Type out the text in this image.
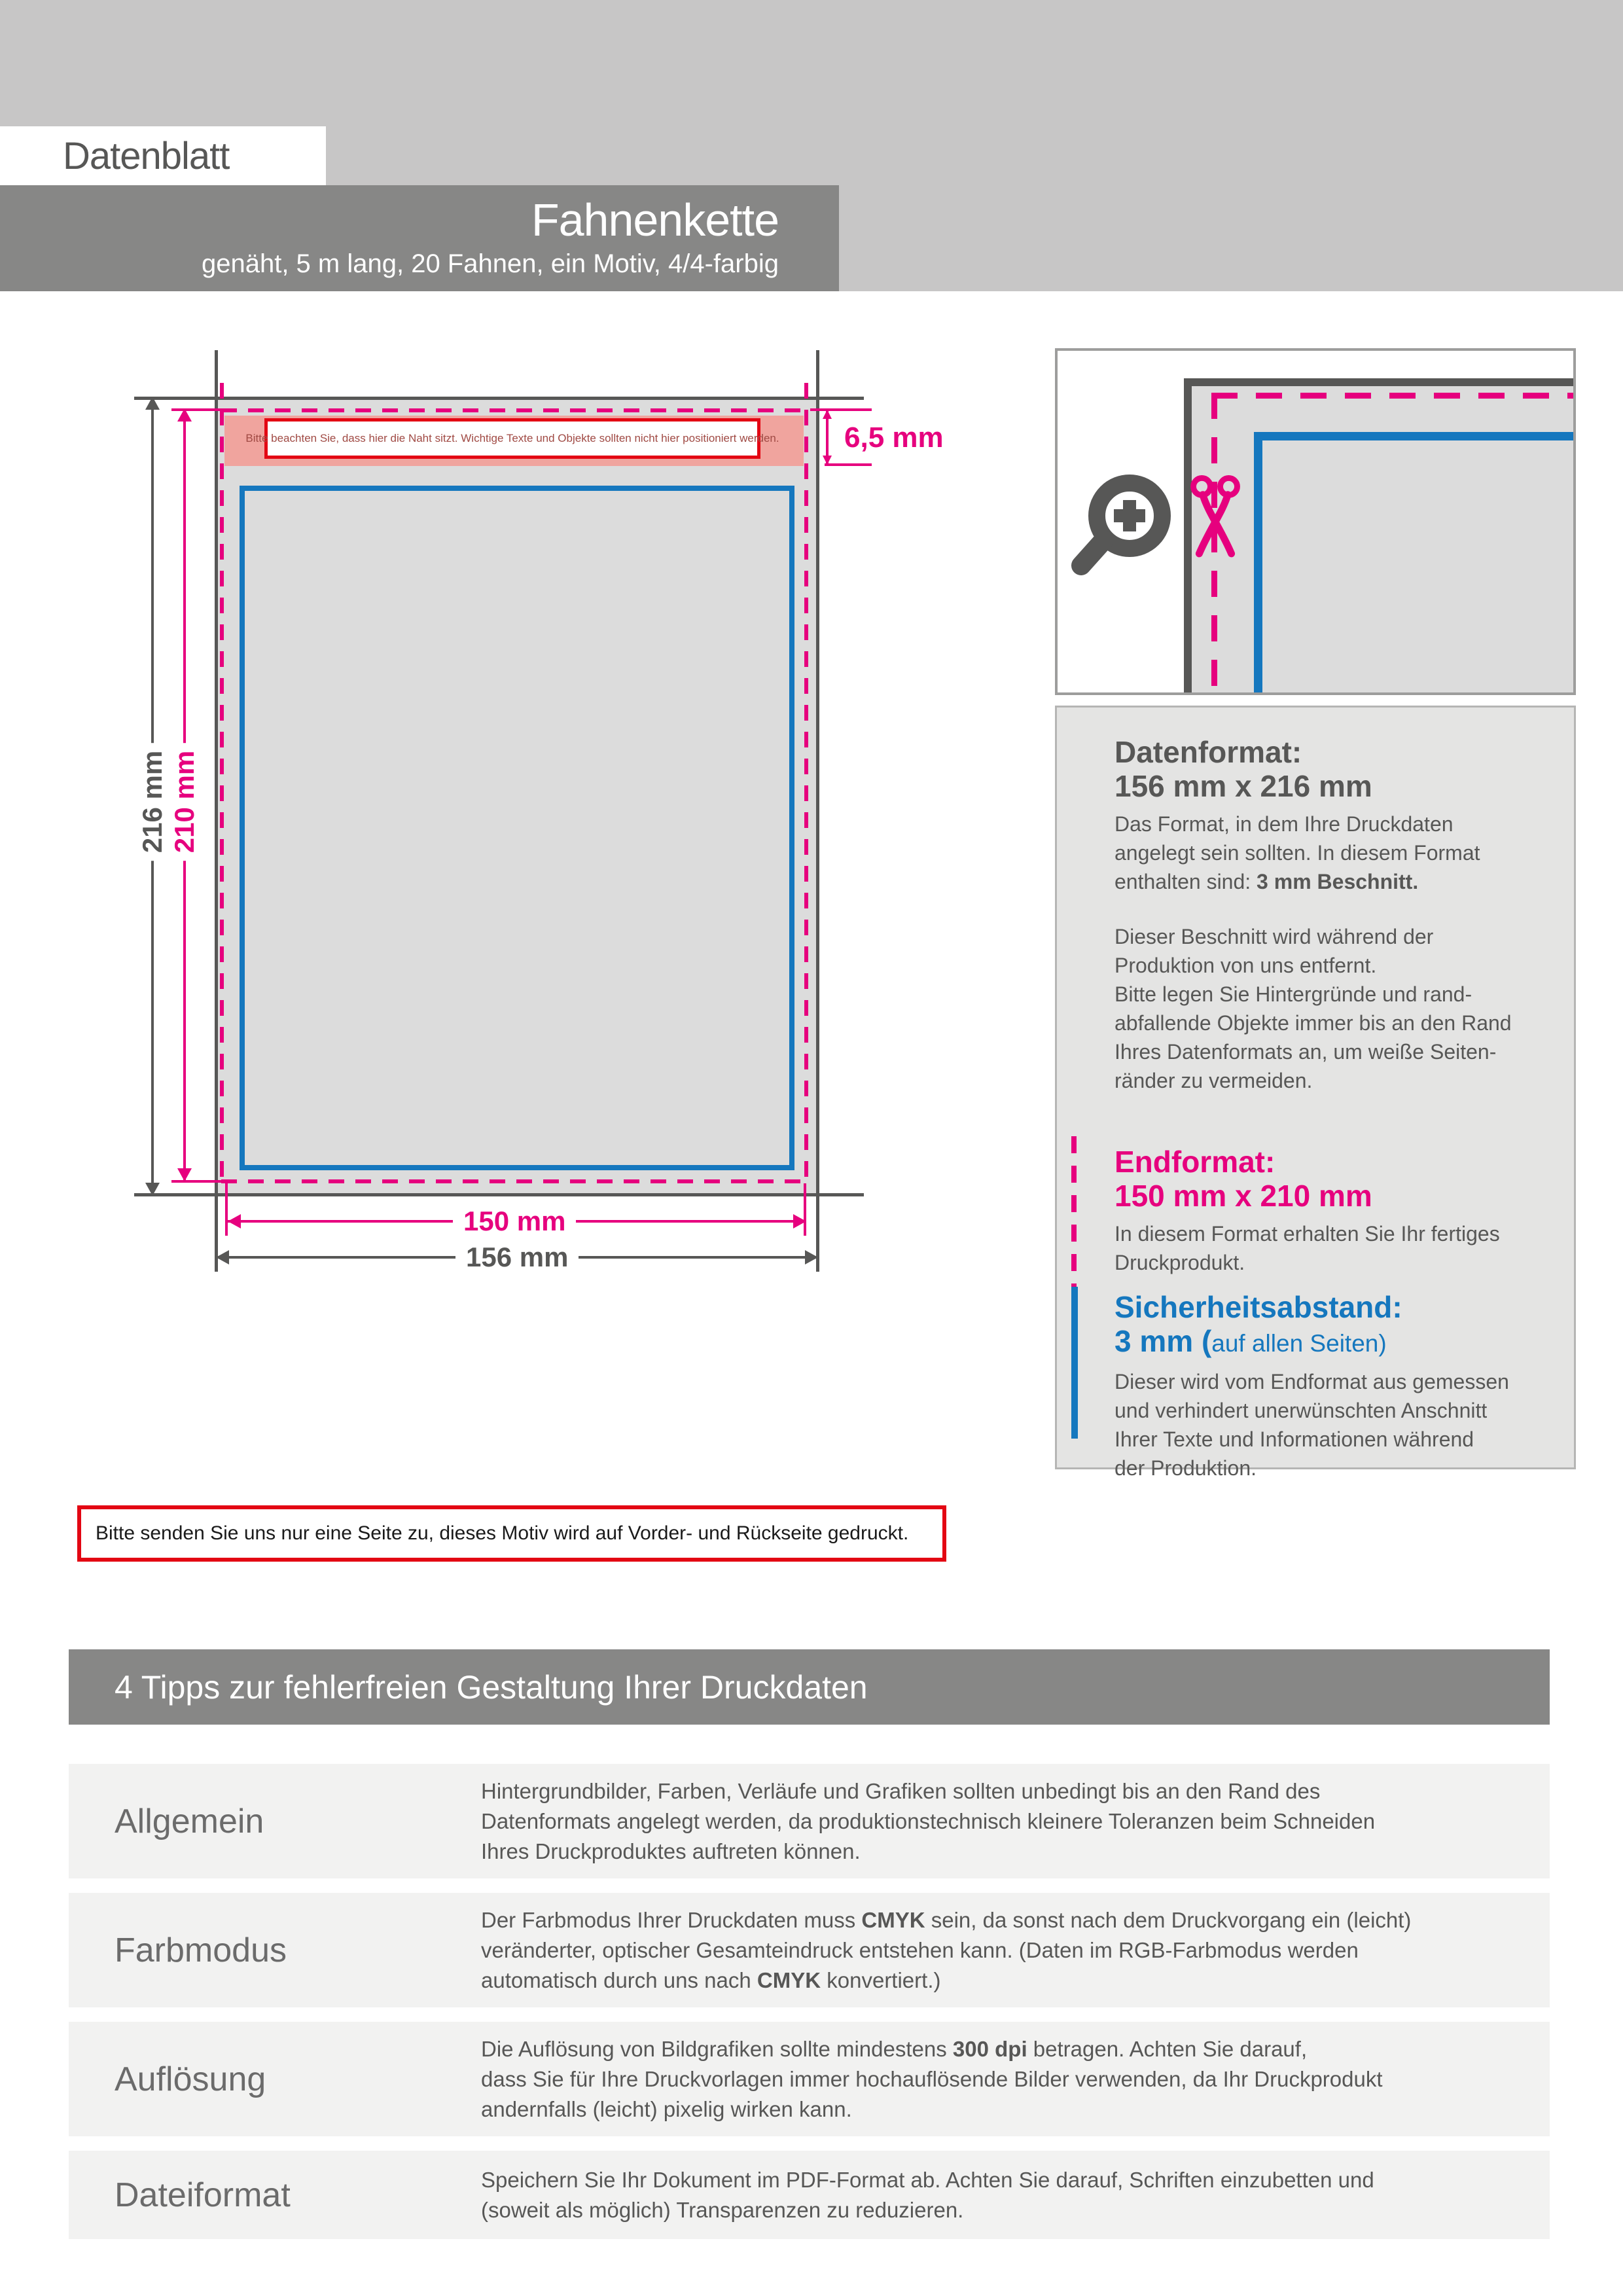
Datenblatt
Fahnenkette
genäht, 5 m lang, 20 Fahnen, ein Motiv, 4/4-farbig
Bitte beachten Sie, dass hier die Naht sitzt. Wichtige Texte und Objekte sollten nicht hier positioniert werden.
216 mm 210 mm
6,5 mm
150 mm
156 mm
Datenformat:
156 mm x 216 mm
Das Format, in dem Ihre Druckdaten
angelegt sein sollten. In diesem Format
enthalten sind: 3 mm Beschnitt.
Dieser Beschnitt wird während der
Produktion von uns entfernt.
Bitte legen Sie Hintergründe und rand-
abfallende Objekte immer bis an den Rand
Ihres Datenformats an, um weiße Seiten-
ränder zu vermeiden.
Endformat:
150 mm x 210 mm
In diesem Format erhalten Sie Ihr fertiges
Druckprodukt.
Sicherheitsabstand:
3 mm (auf allen Seiten)
Dieser wird vom Endformat aus gemessen
und verhindert unerwünschten Anschnitt
Ihrer Texte und Informationen während
der Produktion.
Bitte senden Sie uns nur eine Seite zu, dieses Motiv wird auf Vorder- und Rückseite gedruckt.
4 Tipps zur fehlerfreien Gestaltung Ihrer Druckdaten
Allgemein
Hintergrundbilder, Farben, Verläufe und Grafiken sollten unbedingt bis an den Rand des
Datenformats angelegt werden, da produktionstechnisch kleinere Toleranzen beim Schneiden
Ihres Druckproduktes auftreten können.
Farbmodus
Der Farbmodus Ihrer Druckdaten muss CMYK sein, da sonst nach dem Druckvorgang ein (leicht)
veränderter, optischer Gesamteindruck entstehen kann. (Daten im RGB-Farbmodus werden
automatisch durch uns nach CMYK konvertiert.)
Auflösung
Die Auflösung von Bildgrafiken sollte mindestens 300 dpi betragen. Achten Sie darauf,
dass Sie für Ihre Druckvorlagen immer hochauflösende Bilder verwenden, da Ihr Druckprodukt
andernfalls (leicht) pixelig wirken kann.
Dateiformat	Speichern Sie Ihr Dokument im PDF-Format ab. Achten Sie darauf, Schriften einzubetten und
(soweit als möglich) Transparenzen zu reduzieren.
